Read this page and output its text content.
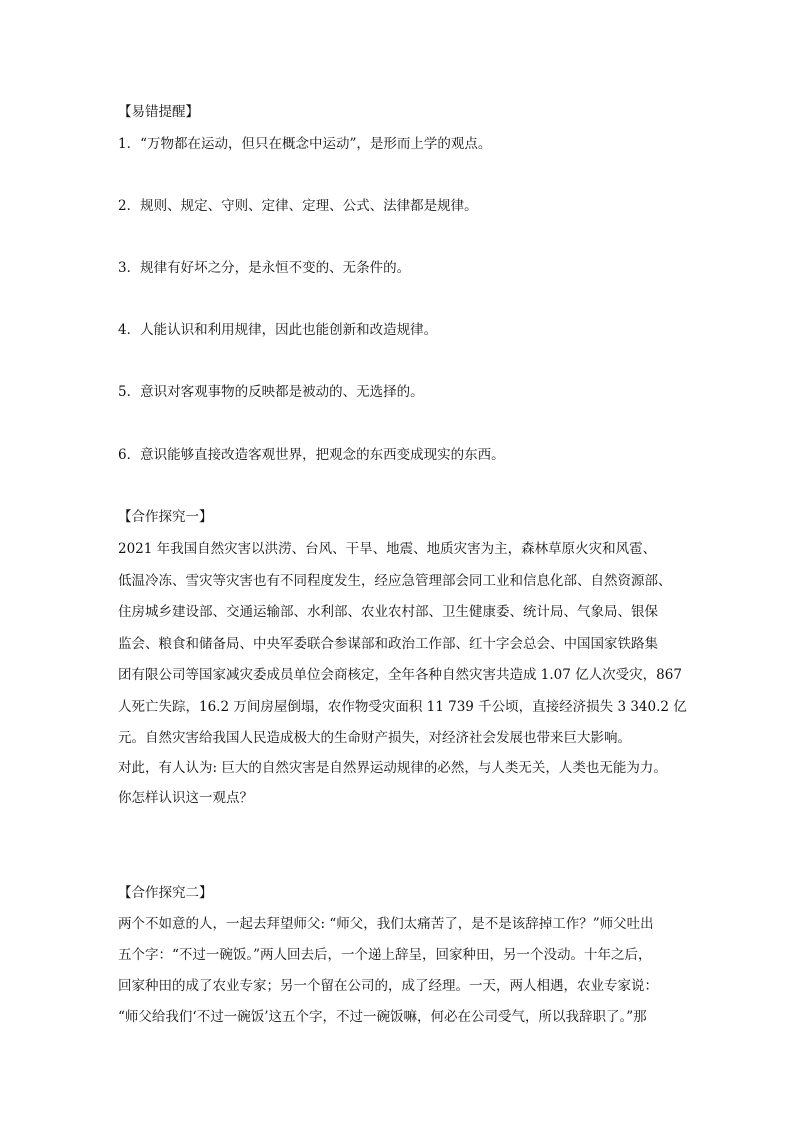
【易错提醒】
1．“万物都在运动，但只在概念中运动”，是形而上学的观点。
2．规则、规定、守则、定律、定理、公式、法律都是规律。
3．规律有好坏之分，是永恒不变的、无条件的。
4．人能认识和利用规律，因此也能创新和改造规律。
5．意识对客观事物的反映都是被动的、无选择的。
6．意识能够直接改造客观世界，把观念的东西变成现实的东西。
【合作探究一】
2021 年我国自然灾害以洪涝、台风、干旱、地震、地质灾害为主，森林草原火灾和风雹、
低温冷冻、雪灾等灾害也有不同程度发生，经应急管理部会同工业和信息化部、自然资源部、
住房城乡建设部、交通运输部、水利部、农业农村部、卫生健康委、统计局、气象局、银保
监会、粮食和储备局、中央军委联合参谋部和政治工作部、红十字会总会、中国国家铁路集
团有限公司等国家减灾委成员单位会商核定，全年各种自然灾害共造成 1.07 亿人次受灾，867
人死亡失踪，16.2 万间房屋倒塌，农作物受灾面积 11 739 千公顷，直接经济损失 3 340.2 亿
元。自然灾害给我国人民造成极大的生命财产损失，对经济社会发展也带来巨大影响。
对此，有人认为: 巨大的自然灾害是自然界运动规律的必然，与人类无关，人类也无能为力。
你怎样认识这一观点？
【合作探究二】
两个不如意的人，一起去拜望师父: “师父，我们太痛苦了，是不是该辞掉工作？”师父吐出
五个字：“不过一碗饭。”两人回去后，一个递上辞呈，回家种田，另一个没动。十年之后，
回家种田的成了农业专家；另一个留在公司的，成了经理。一天，两人相遇，农业专家说：
“师父给我们‘不过一碗饭’这五个字，不过一碗饭嘛，何必在公司受气，所以我辞职了。”那
